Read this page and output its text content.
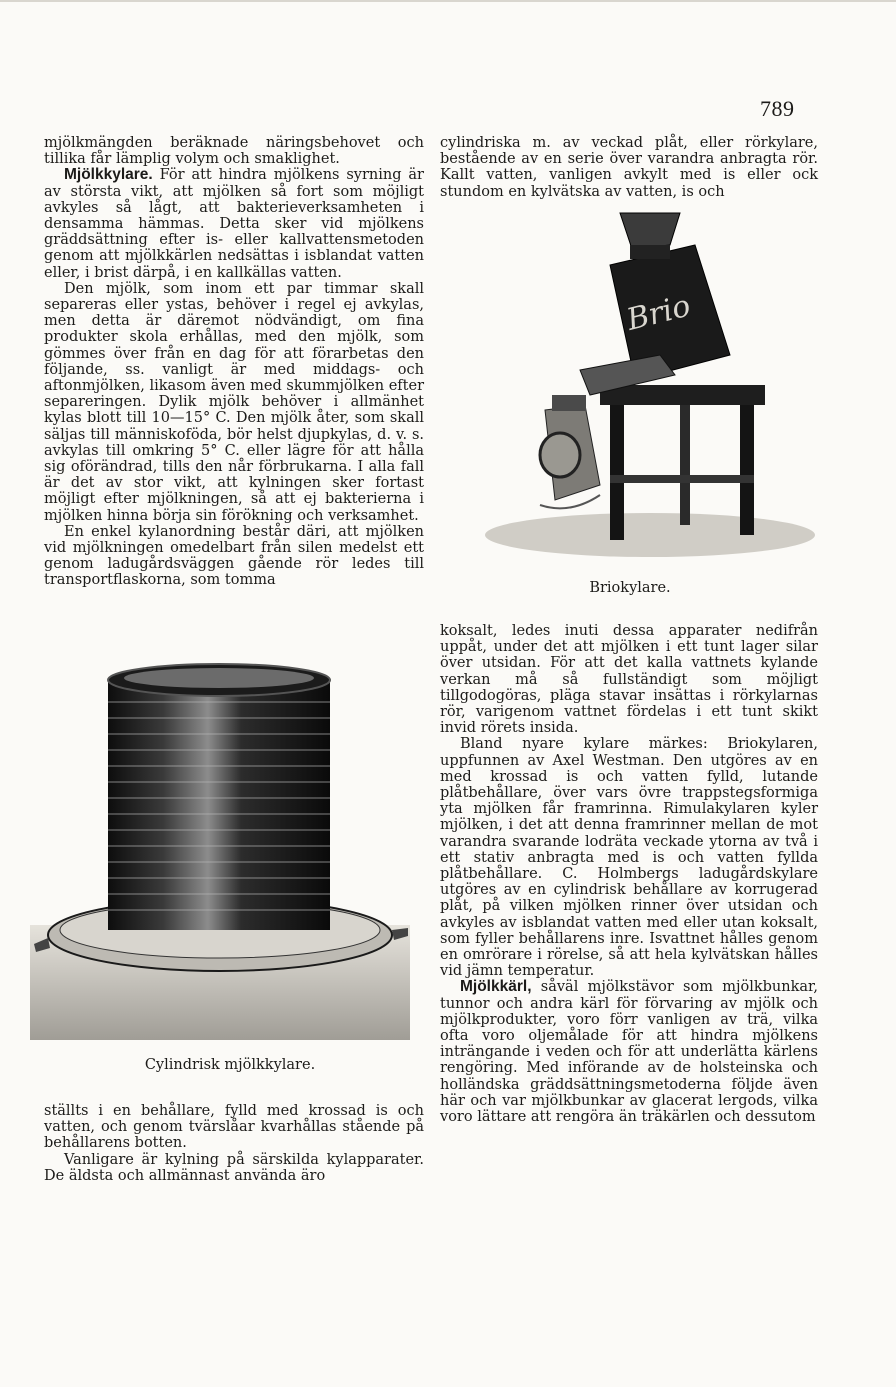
789

mjölkmängden beräknade näringsbehovet och tillika får lämplig volym och smaklighet.

Mjölkkylare. För att hindra mjölkens syrning är av största vikt, att mjölken så fort som möjligt avkyles så lågt, att bakterieverksamheten i densamma hämmas. Detta sker vid mjölkens gräddsättning efter is- eller kallvattensmetoden genom att mjölkkärlen nedsättas i isblandat vatten eller, i brist därpå, i en kallkällas vatten.

Den mjölk, som inom ett par timmar skall separeras eller ystas, behöver i regel ej avkylas, men detta är däremot nödvändigt, om fina produkter skola erhållas, med den mjölk, som gömmes över från en dag för att förarbetas den följande, ss. vanligt är med middags- och aftonmjölken, likasom även med skummjölken efter separeringen. Dylik mjölk behöver i allmänhet kylas blott till 10—15° C. Den mjölk åter, som skall säljas till människoföda, bör helst djupkylas, d. v. s. avkylas till omkring 5° C. eller lägre för att hålla sig oförändrad, tills den når förbrukarna. I alla fall är det av stor vikt, att kylningen sker fortast möjligt efter mjölkningen, så att ej bakterierna i mjölken hinna börja sin förökning och verksamhet.

En enkel kylanordning består däri, att mjölken vid mjölkningen omedelbart från silen medelst ett genom ladugårdsväggen gående rör ledes till transportflaskorna, som tomma

Cylindrisk mjölkkylare.

ställts i en behållare, fylld med krossad is och vatten, och genom tvärslåar kvarhållas stående på behållarens botten.

Vanligare är kylning på särskilda kylapparater. De äldsta och allmännast använda äro

cylindriska m. av veckad plåt, eller rörkylare, bestående av en serie över varandra anbragta rör. Kallt vatten, vanligen avkylt med is eller ock stundom en kylvätska av vatten, is och

Brio
Briokylare.

koksalt, ledes inuti dessa apparater nedifrån uppåt, under det att mjölken i ett tunt lager silar över utsidan. För att det kalla vattnets kylande verkan må så fullständigt som möjligt tillgodogöras, pläga stavar insättas i rörkylarnas rör, varigenom vattnet fördelas i ett tunt skikt invid rörets insida.

Bland nyare kylare märkes: Briokylaren, uppfunnen av Axel Westman. Den utgöres av en med krossad is och vatten fylld, lutande plåtbehållare, över vars övre trappstegsformiga yta mjölken får framrinna. Rimulakylaren kyler mjölken, i det att denna framrinner mellan de mot varandra svarande lodräta veckade ytorna av två i ett stativ anbragta med is och vatten fyllda plåtbehållare. C. Holmbergs ladugårdskylare utgöres av en cylindrisk behållare av korrugerad plåt, på vilken mjölken rinner över utsidan och avkyles av isblandat vatten med eller utan koksalt, som fyller behållarens inre. Isvattnet hålles genom en omrörare i rörelse, så att hela kylvätskan hålles vid jämn temperatur.

Mjölkkärl, såväl mjölkstävor som mjölkbunkar, tunnor och andra kärl för förvaring av mjölk och mjölkprodukter, voro förr vanligen av trä, vilka ofta voro oljemålade för att hindra mjölkens inträngande i veden och för att underlätta kärlens rengöring. Med införande av de holsteinska och holländska gräddsättningsmetoderna följde även här och var mjölkbunkar av glacerat lergods, vilka voro lättare att rengöra än träkärlen och dessutom
